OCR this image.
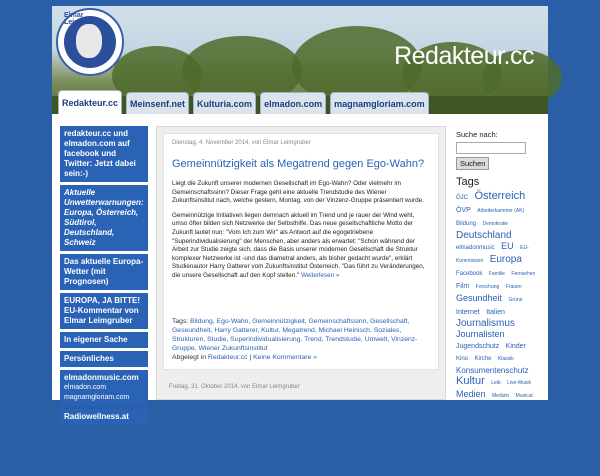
Redakteur.cc
Elmar Leimgruber
Redakteur.cc	Meinsenf.net	Kulturia.com	elmadon.com	magnamgloriam.com
redakteur.cc und elmadon.com auf facebook und Twitter: Jetzt dabei sein:-)
Aktuelle Unwetterwarnungen: Europa, Österreich, Südtirol, Deutschland, Schweiz
Das aktuelle Europa-Wetter (mit Prognosen)
EUROPA, JA BITTE! EU-Kommentar von Elmar Leimgruber
In eigener Sache
Persönliches
elmadonmusic.com
elmadon.com magnamgloriam.com
Radiowellness.at
Dienstag, 4. November 2014, von Elmar Leimgruber
Gemeinnützigkeit als Megatrend gegen Ego-Wahn?

Liegt die Zukunft unserer modernen Gesellschaft im Ego-Wahn? Oder vielmehr im Gemeinschaftssinn? Dieser Frage geht eine aktuelle Trendstudie des Wiener Zukunftsinstitut nach, welche gestern, Montag, von der Vinzenz-Gruppe präsentiert wurde.

Gemeinnützige Initiativen liegen demnach aktuell im Trend und je rauer der Wind weht, umso öfter bilden sich Netzwerke der Selbsthilfe. Das neue gesellschaftliche Motto der Zukunft lautet nun: "Vom Ich zum Wir" als Antwort auf die egogetriebene "Superindividualisierung" der Menschen, aber anders als erwartet: "Schon während der Arbeit zur Studie zeigte sich, dass die Basis unserer modernen Gesellschaft die Struktur komplexer Netzwerke ist -und das diametral anders, als bisher gedacht wurde", erklärt Studienautor Harry Gatterer vom Zukunftsinstitut Österreich. "Das führt zu Veränderungen, die unsere Gesellschaft auf den Kopf stellen." Weiterlesen »

Tags: Bildung, Ego-Wahn, Gemeinnützigkeit, Gemeinschaftssinn, Gesellschaft, Geseundheit, Harry Gatterer, Kultur, Megatrend, Michael Heinisch, Soziales, Strukturen, Studie, Superindividualisierung, Trend, Trendstudie, Umwelt, Vinzenz-Gruppe, Wiener Zukunftsinstitut
Abgelegt in Redakteur.cc | Keine Kommentare »
Freitag, 31. Oktober 2014, von Elmar Leimgruber
Suche nach:
Suchen
Tags
ÖJC Österreich ÖVP Arbeiterkammer (AK) Bildung Demokratie Deutschland elmadonmusic EU EU-Kommission Europa Facebook Familie Fernsehen Film Forschung Frauen Gesundheit Grüne Internet Italien Journalismus Journalisten Jugendschutz Kinder Kino Kirche Klassik Konsumentenschutz Kultur Leib Live-Musik Medien Medizin Musical Musik ORF Politik Pressefreiheit Südtirol Schweiz Sicherheit Soziales SPÖ Studie Umfrage UNO Verschiedenes
